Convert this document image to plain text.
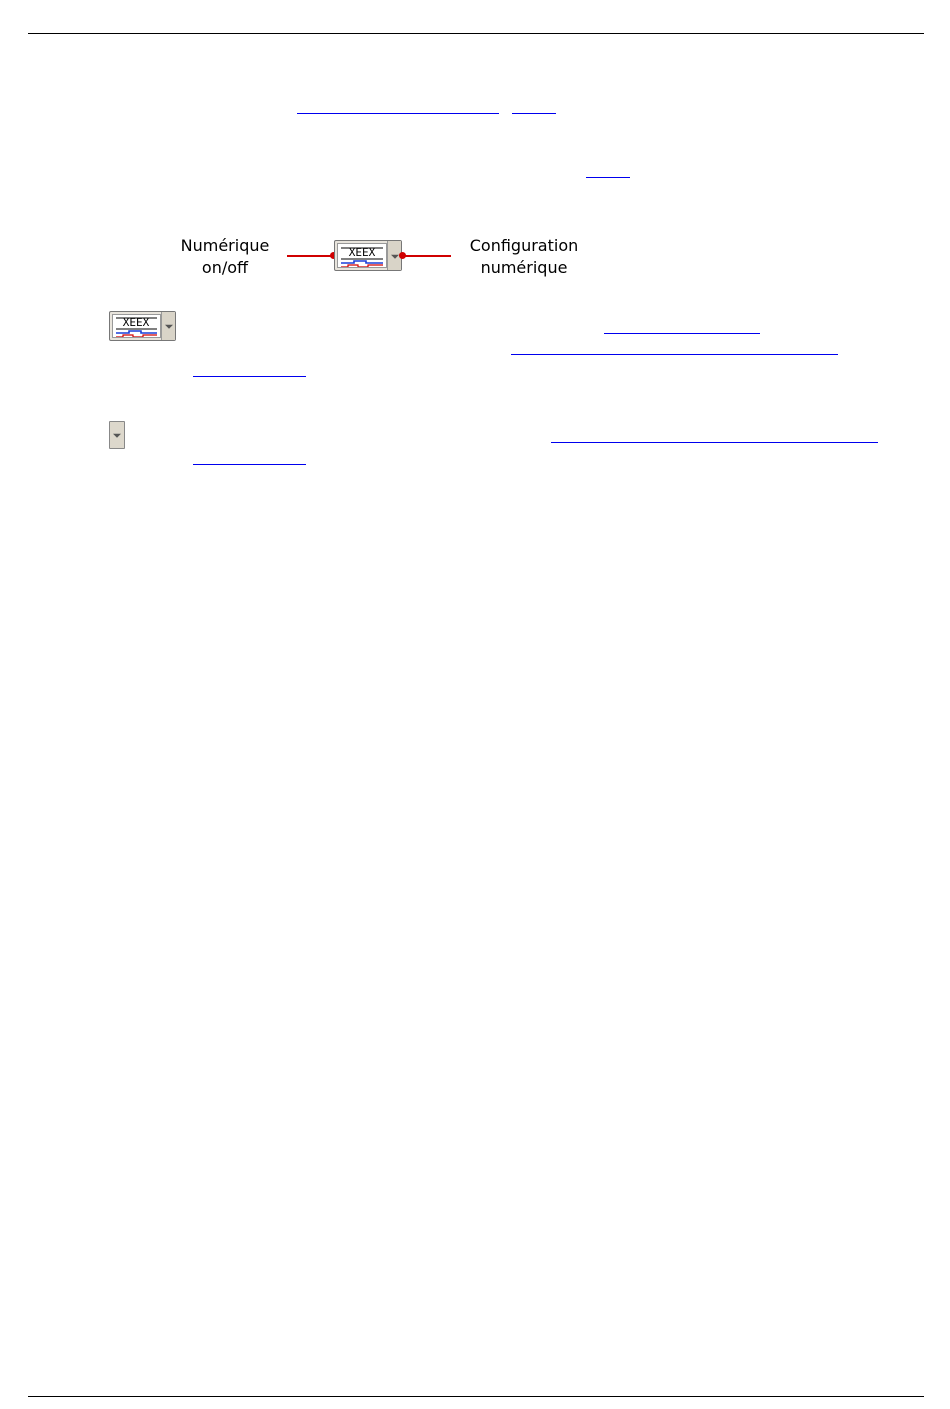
Numérique
on/off
XEEX	Configuration
numérique
XEEX
